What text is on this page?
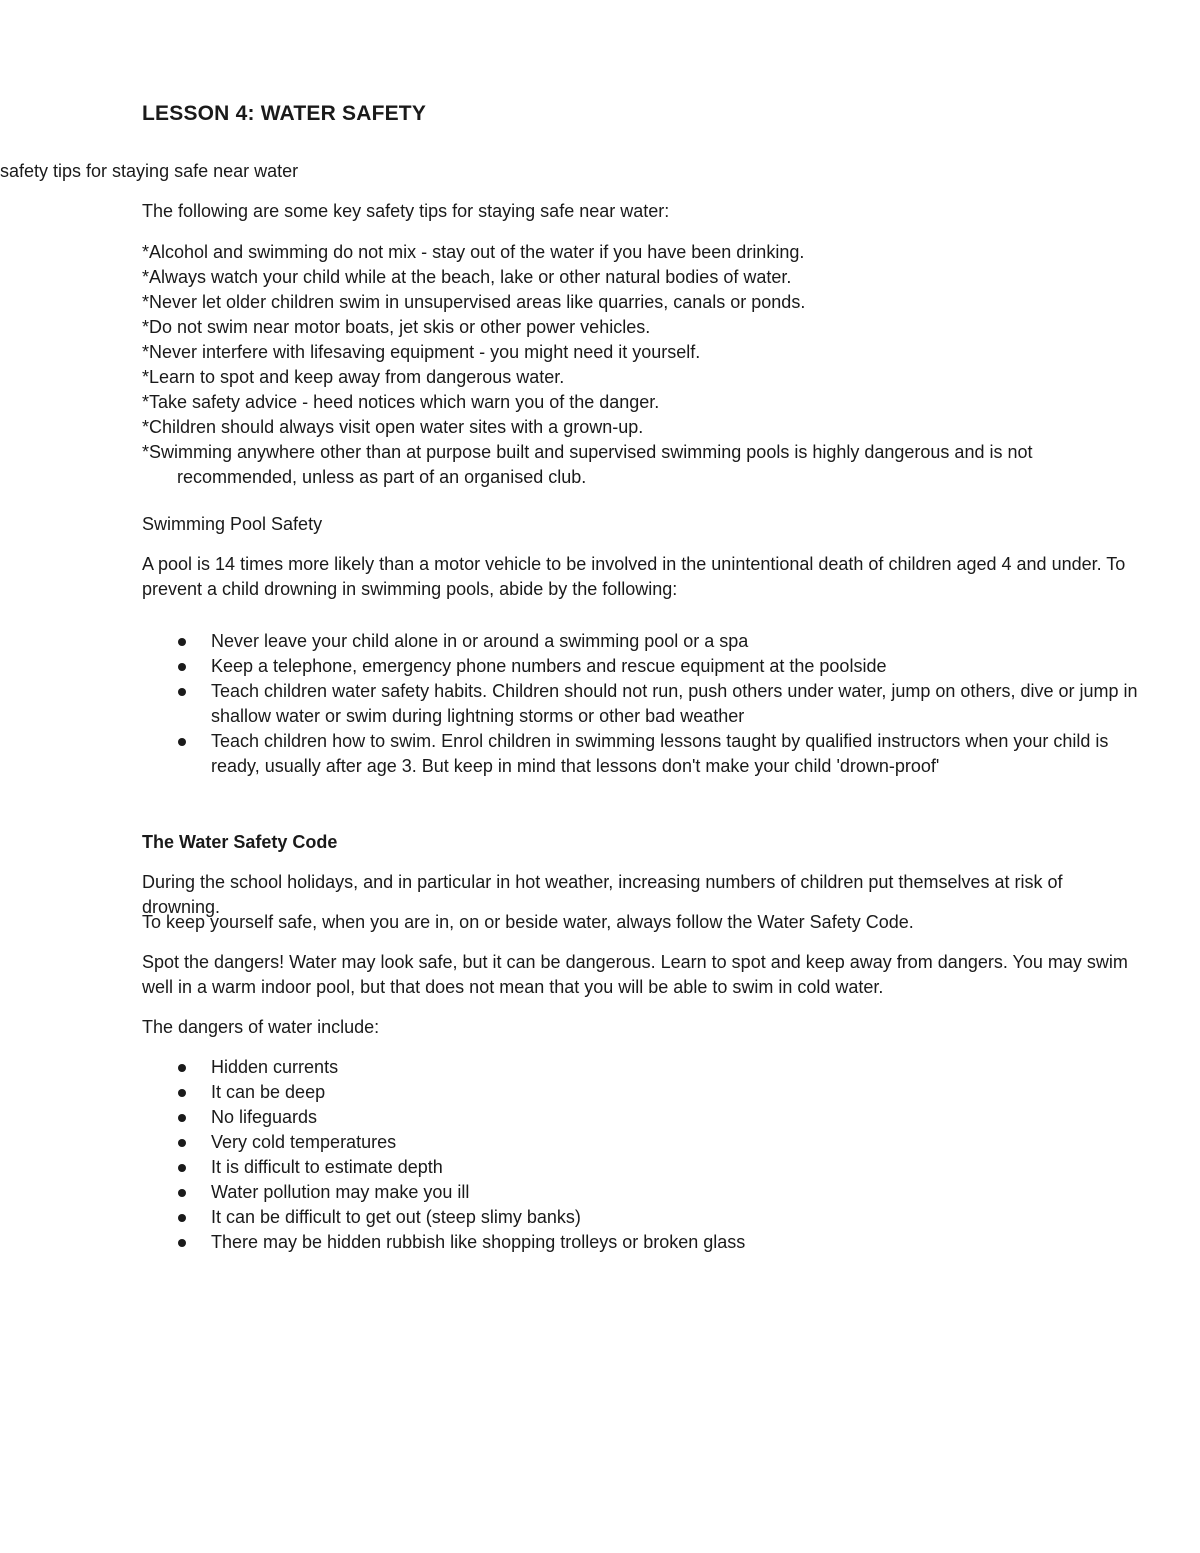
LESSON 4: WATER SAFETY

safety tips for staying safe near water

The following are some key safety tips for staying safe near water:

*Alcohol and swimming do not mix - stay out of the water if you have been drinking.

*Always watch your child while at the beach, lake or other natural bodies of water.

*Never let older children swim in unsupervised areas like quarries, canals or ponds.

*Do not swim near motor boats, jet skis or other power vehicles.

*Never interfere with lifesaving equipment - you might need it yourself.

*Learn to spot and keep away from dangerous water.

*Take safety advice - heed notices which warn you of the danger.

*Children should always visit open water sites with a grown-up.

*Swimming anywhere other than at purpose built and supervised swimming pools is highly dangerous and is not recommended, unless as part of an organised club.

Swimming Pool Safety

A pool is 14 times more likely than a motor vehicle to be involved in the unintentional death of children aged 4 and under. To prevent a child drowning in swimming pools, abide by the following:

Never leave your child alone in or around a swimming pool or a spa
Keep a telephone, emergency phone numbers and rescue equipment at the poolside
Teach children water safety habits. Children should not run, push others under water, jump on others, dive or jump in shallow water or swim during lightning storms or other bad weather
Teach children how to swim. Enrol children in swimming lessons taught by qualified instructors when your child is ready, usually after age 3. But keep in mind that lessons don't make your child 'drown-proof'

The Water Safety Code

During the school holidays, and in particular in hot weather, increasing numbers of children put themselves at risk of drowning.

To keep yourself safe, when you are in, on or beside water, always follow the Water Safety Code.

Spot the dangers! Water may look safe, but it can be dangerous. Learn to spot and keep away from dangers. You may swim well in a warm indoor pool, but that does not mean that you will be able to swim in cold water.

The dangers of water include:

Hidden currents
It can be deep
No lifeguards
Very cold temperatures
It is difficult to estimate depth
Water pollution may make you ill
It can be difficult to get out (steep slimy banks)
There may be hidden rubbish like shopping trolleys or broken glass
